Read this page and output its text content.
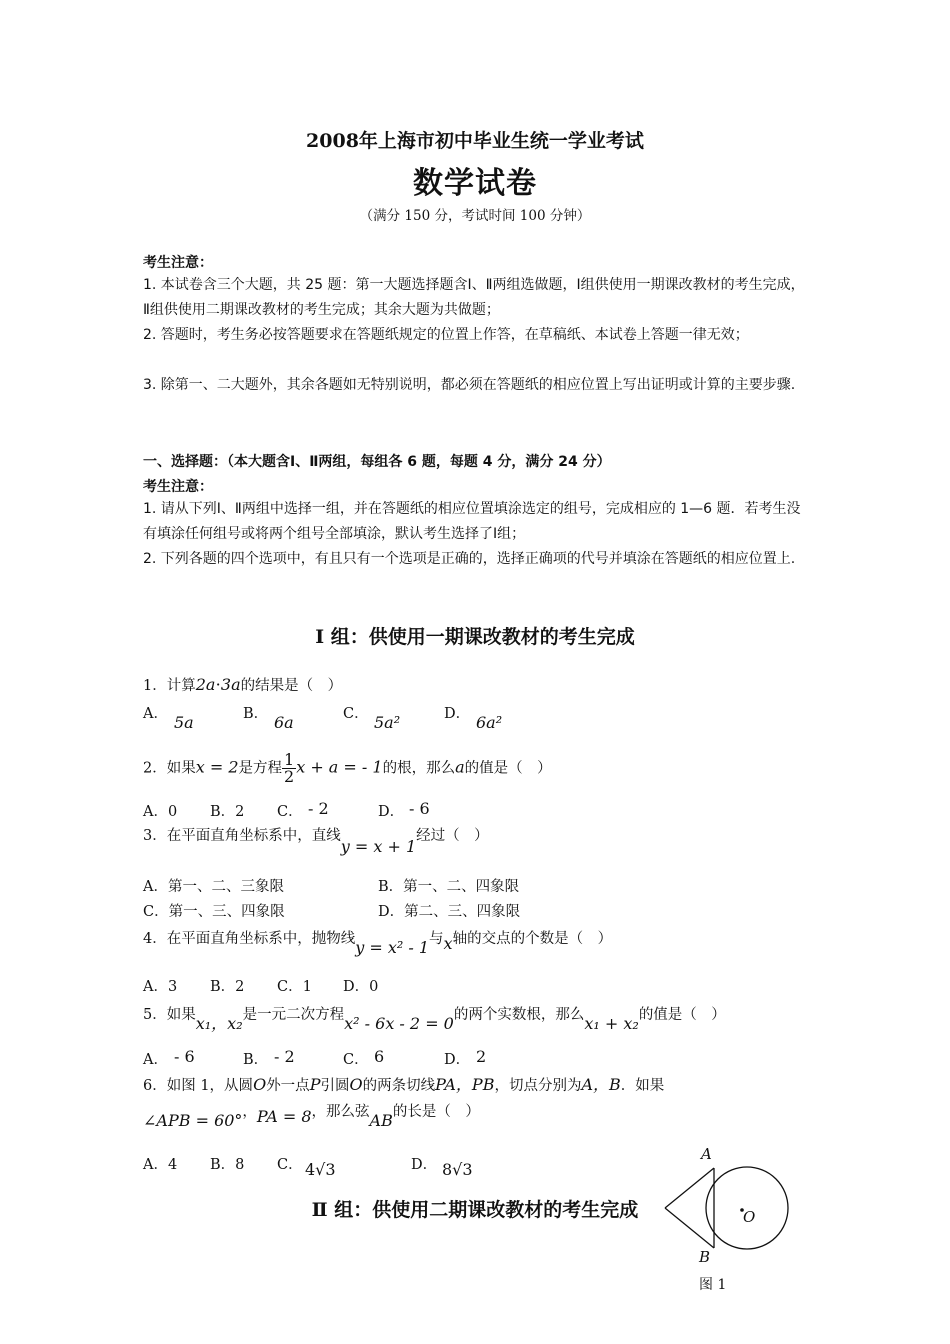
2008年上海市初中毕业生统一学业考试
数学试卷
（满分 150 分，考试时间 100 分钟）
考生注意：
1. 本试卷含三个大题，共 25 题：第一大题选择题含Ⅰ、Ⅱ两组选做题，Ⅰ组供使用一期课改教材的考生完成，Ⅱ组供使用二期课改教材的考生完成；其余大题为共做题；
2. 答题时，考生务必按答题要求在答题纸规定的位置上作答，在草稿纸、本试卷上答题一律无效；
3. 除第一、二大题外，其余各题如无特别说明，都必须在答题纸的相应位置上写出证明或计算的主要步骤.
一、选择题：（本大题含Ⅰ、Ⅱ两组，每组各 6 题，每题 4 分，满分 24 分）
考生注意：
1. 请从下列Ⅰ、Ⅱ两组中选择一组，并在答题纸的相应位置填涂选定的组号，完成相应的 1—6 题．若考生没有填涂任何组号或将两个组号全部填涂，默认考生选择了Ⅰ组；
2. 下列各题的四个选项中，有且只有一个选项是正确的，选择正确项的代号并填涂在答题纸的相应位置上.
Ⅰ 组：供使用一期课改教材的考生完成
1．计算2a⋅3a的结果是（　）
A．	B．	C．	D．
5a	6a	5a²	6a²
2．如果x = 2是方程 $\frac{1}{2}$ x + a = - 1的根，那么a的值是（　）
A．0 B．2 C． - 2	D． - 6
3．在平面直角坐标系中，直线y = x + 1经过（　）
A．第一、二、三象限	B．第一、二、四象限
C．第一、三、四象限	D．第二、三、四象限
4．在平面直角坐标系中，抛物线y = x² - 1与x轴的交点的个数是（　）
A．3 B．2 C．1 D．0
5．如果x₁，x₂是一元二次方程x² - 6x - 2 = 0的两个实数根，那么x₁ + x₂的值是（　）
A． - 6	B． - 2	C． 6	D． 2
6．如图 1，从圆O外一点P引圆O的两条切线PA，PB，切点分别为A，B．如果
∠APB = 60°，PA = 8，那么弦AB的长是（　）
A．4 B．8 C． 4√3	D． 8√3
Ⅱ 组：供使用二期课改教材的考生完成
A
B
O
图 1
